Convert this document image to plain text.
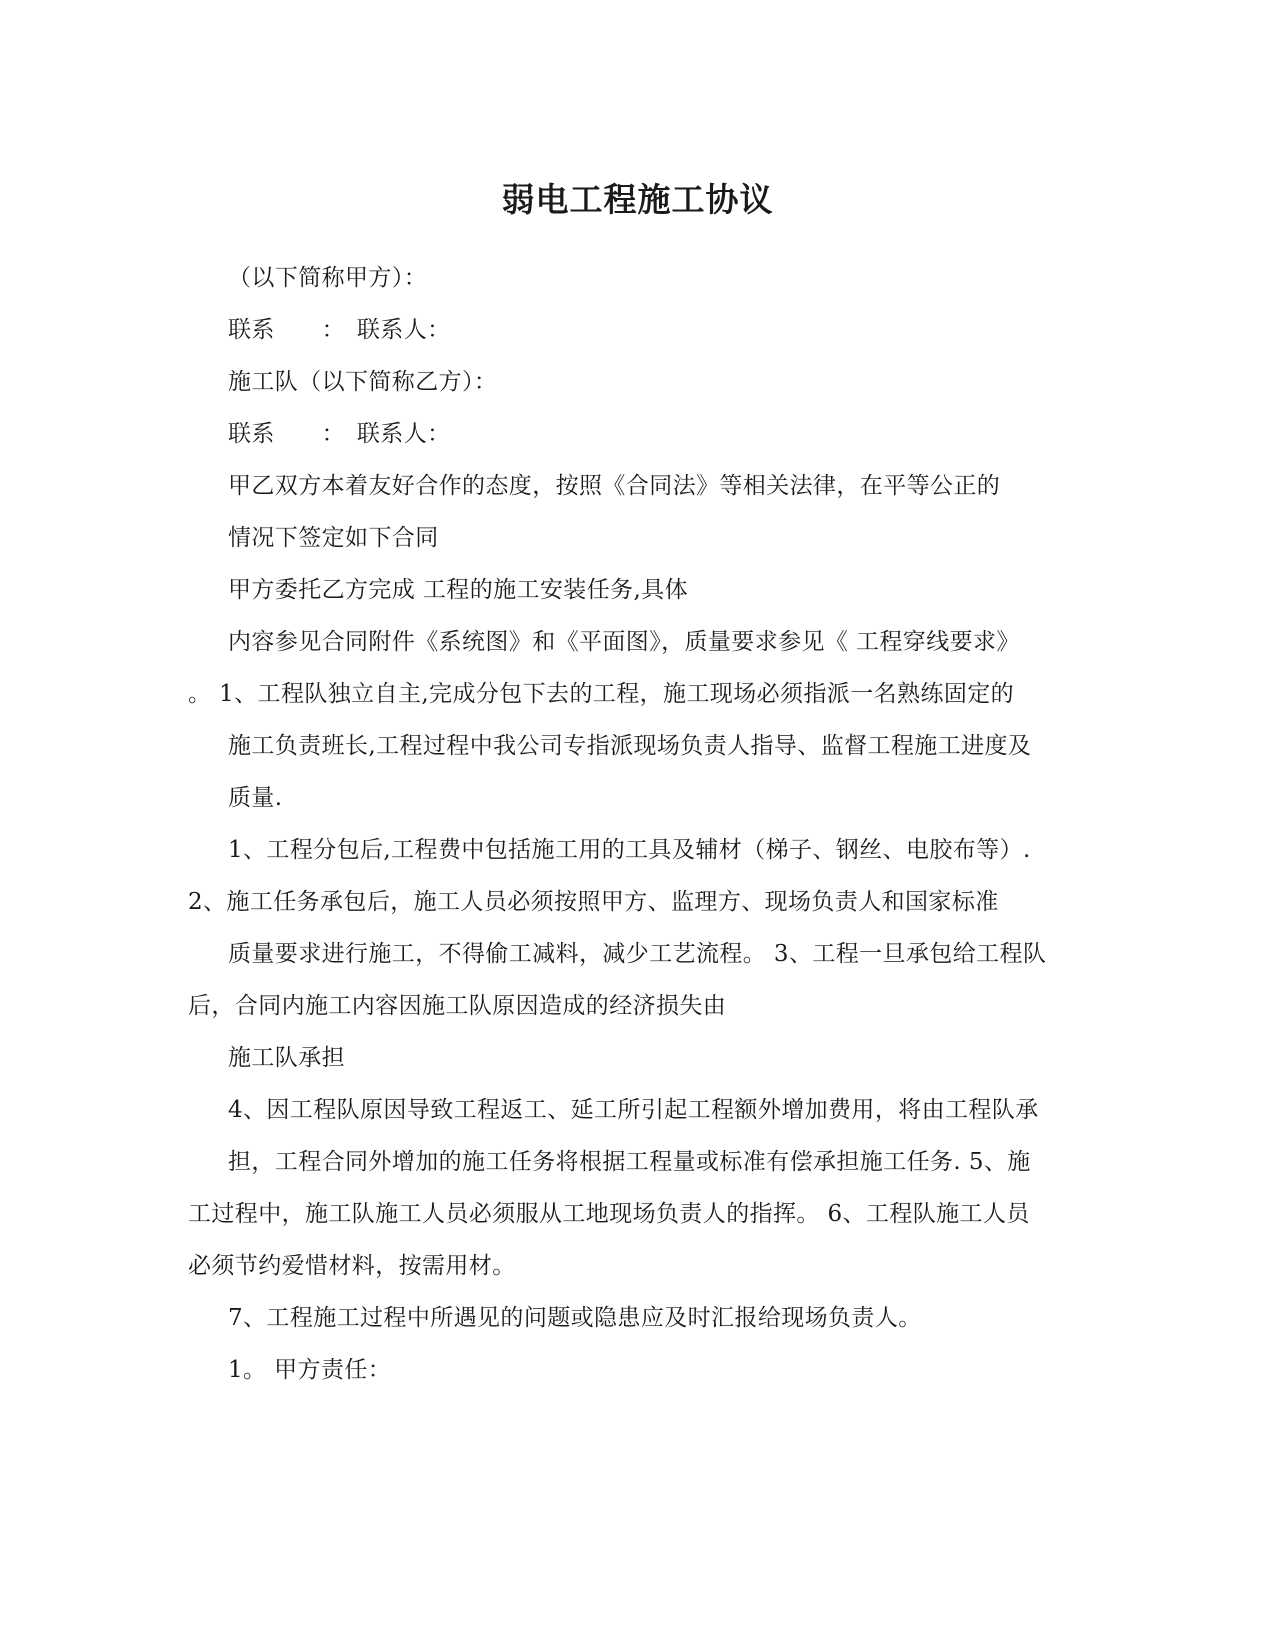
弱电工程施工协议
（以下简称甲方）：
联系　　：　联系人：
施工队（以下简称乙方）：
联系　　：　联系人：
甲乙双方本着友好合作的态度，按照《合同法》等相关法律，在平等公正的
情况下签定如下合同
甲方委托乙方完成 工程的施工安装任务,具体
内容参见合同附件《系统图》和《平面图》，质量要求参见《 工程穿线要求》
。 1、工程队独立自主,完成分包下去的工程，施工现场必须指派一名熟练固定的
施工负责班长,工程过程中我公司专指派现场负责人指导、监督工程施工进度及
质量.
1、工程分包后,工程费中包括施工用的工具及辅材（梯子、钢丝、电胶布等）.
2、施工任务承包后，施工人员必须按照甲方、监理方、现场负责人和国家标准
质量要求进行施工，不得偷工减料，减少工艺流程。 3、工程一旦承包给工程队
后，合同内施工内容因施工队原因造成的经济损失由
施工队承担
4、因工程队原因导致工程返工、延工所引起工程额外增加费用，将由工程队承
担，工程合同外增加的施工任务将根据工程量或标准有偿承担施工任务. 5、施
工过程中，施工队施工人员必须服从工地现场负责人的指挥。 6、工程队施工人员
必须节约爱惜材料，按需用材。
7、工程施工过程中所遇见的问题或隐患应及时汇报给现场负责人。
1。 甲方责任：
